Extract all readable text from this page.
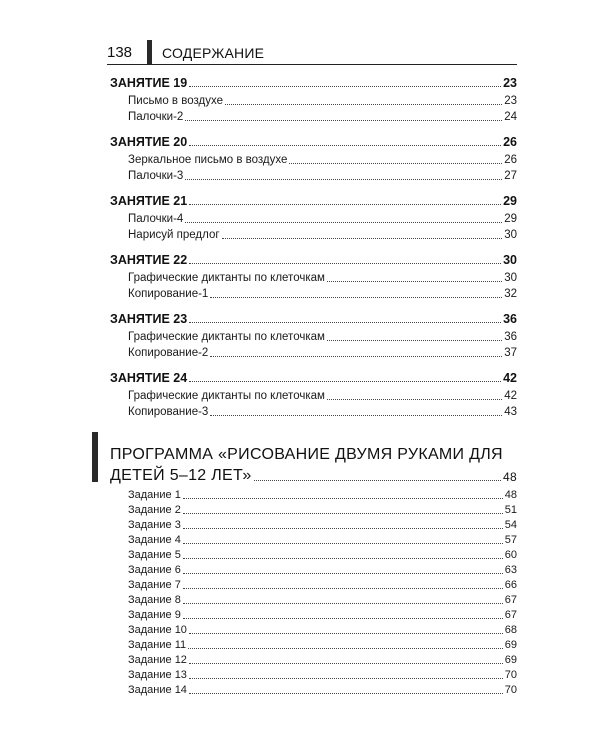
138 СОДЕРЖАНИЕ
ЗАНЯТИЕ 19	23
Письмо в воздухе	23
Палочки-2	24
ЗАНЯТИЕ 20	26
Зеркальное письмо в воздухе	26
Палочки-3	27
ЗАНЯТИЕ 21	29
Палочки-4	29
Нарисуй предлог	30
ЗАНЯТИЕ 22	30
Графические диктанты по клеточкам	30
Копирование-1	32
ЗАНЯТИЕ 23	36
Графические диктанты по клеточкам	36
Копирование-2	37
ЗАНЯТИЕ 24	42
Графические диктанты по клеточкам	42
Копирование-3	43
ПРОГРАММА «РИСОВАНИЕ ДВУМЯ РУКАМИ ДЛЯ
ДЕТЕЙ 5–12 ЛЕТ»	48
Задание 1	48
Задание 2	51
Задание 3	54
Задание 4	57
Задание 5	60
Задание 6	63
Задание 7	66
Задание 8	67
Задание 9	67
Задание 10	68
Задание 11	69
Задание 12	69
Задание 13	70
Задание 14	70
